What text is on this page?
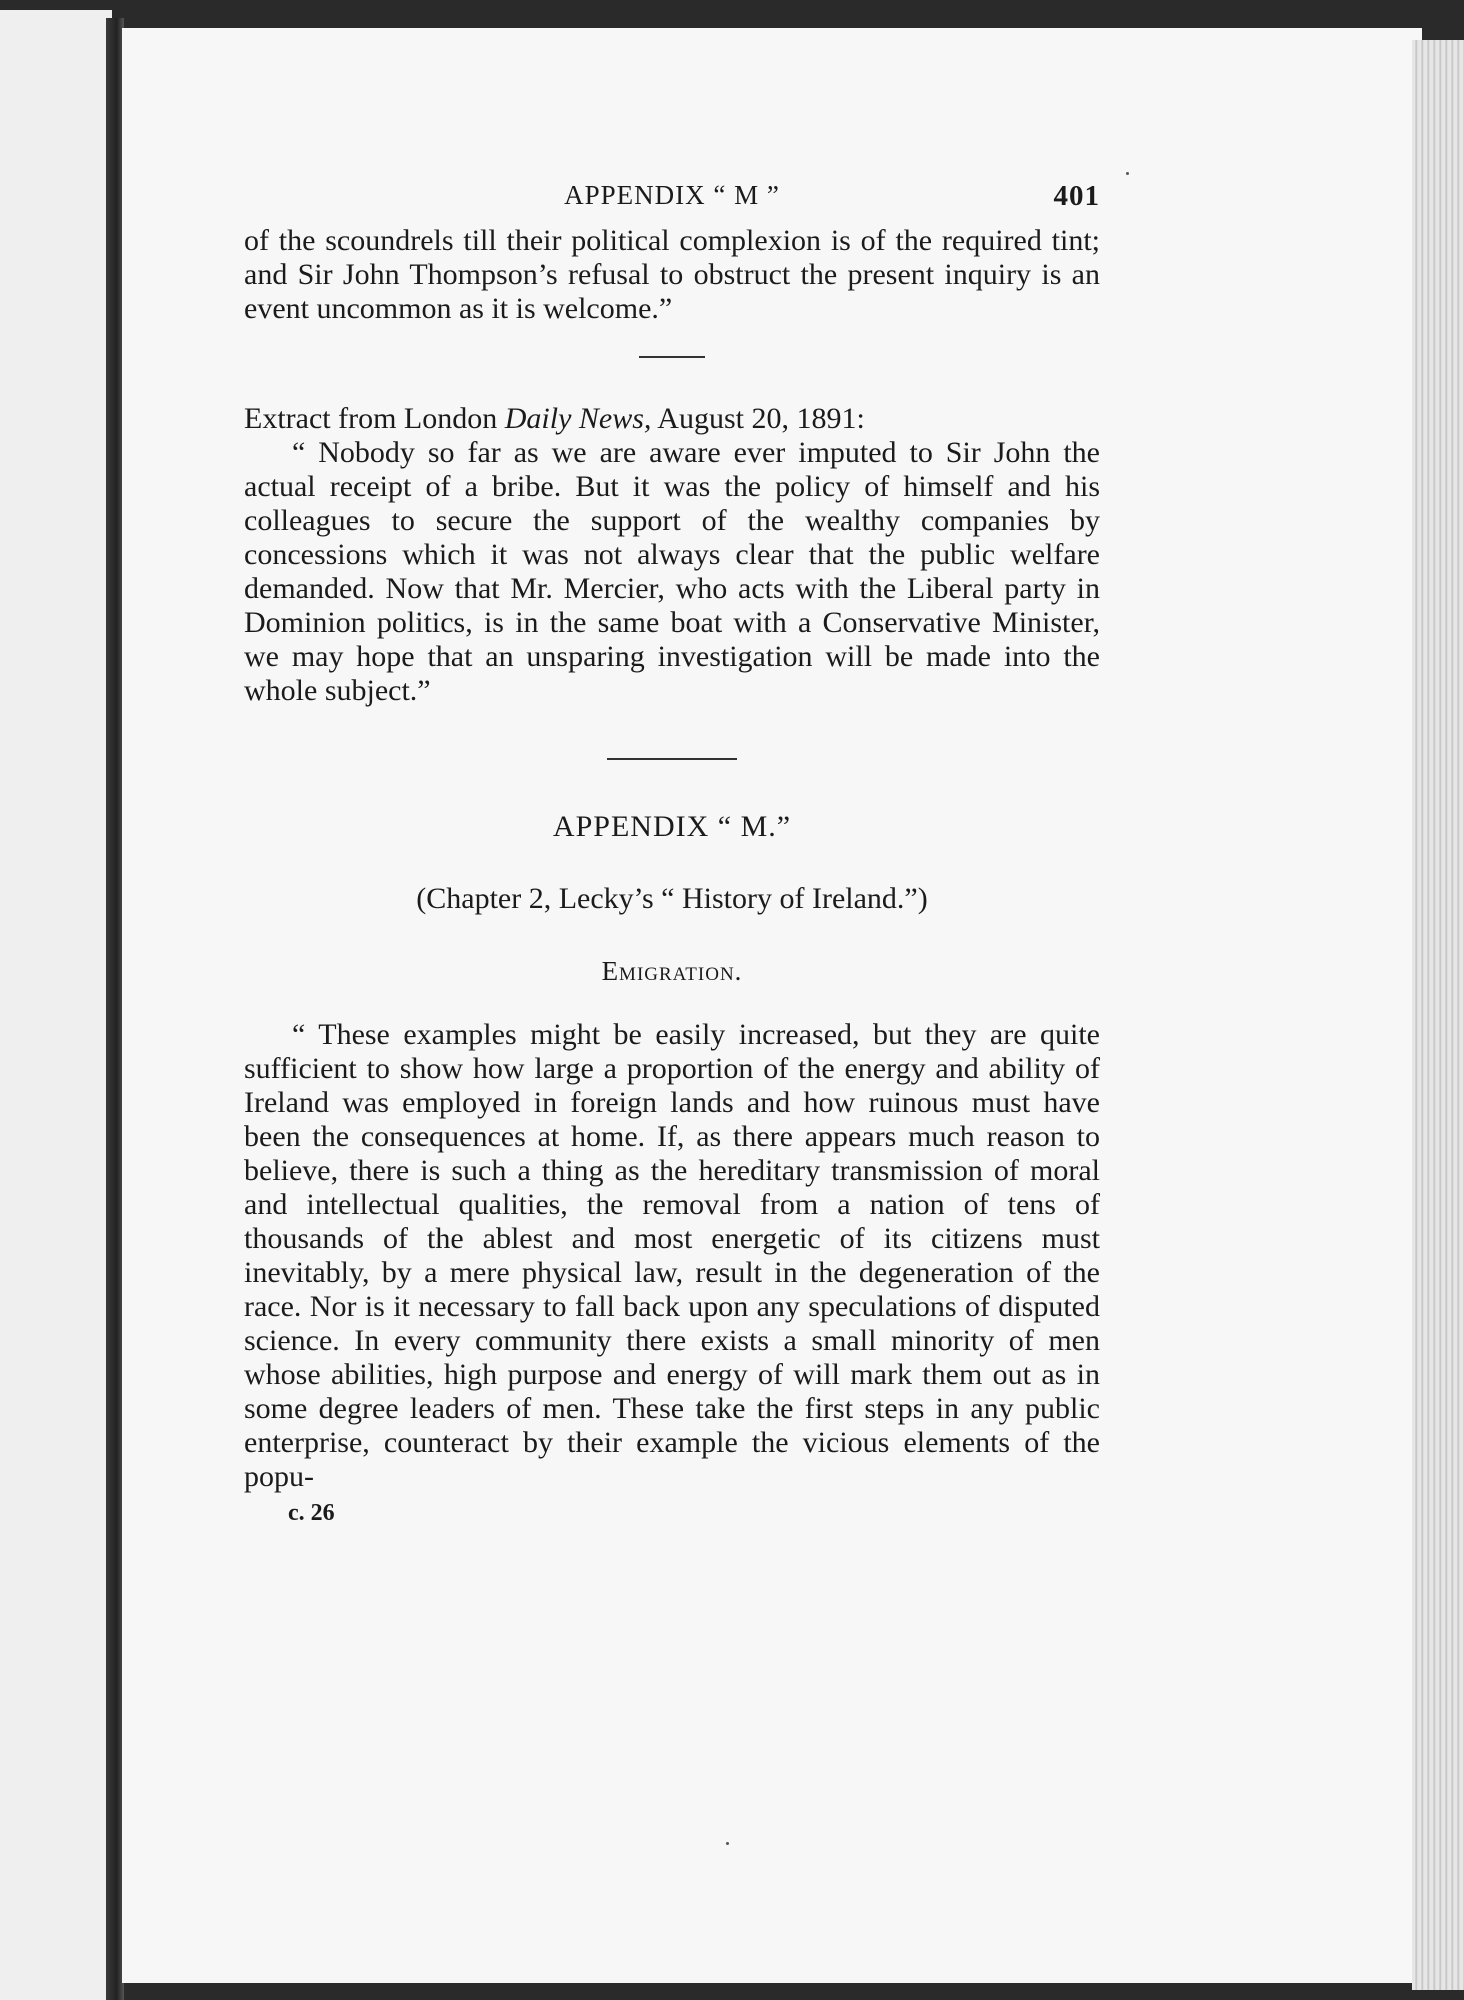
APPENDIX “ M ”	401

of the scoundrels till their political complexion is of the required tint; and Sir John Thompson’s refusal to obstruct the present inquiry is an event uncommon as it is welcome.”

Extract from London Daily News, August 20, 1891:

“ Nobody so far as we are aware ever imputed to Sir John the actual receipt of a bribe. But it was the policy of himself and his colleagues to secure the support of the wealthy companies by concessions which it was not always clear that the public welfare demanded. Now that Mr. Mercier, who acts with the Liberal party in Dominion politics, is in the same boat with a Conservative Minister, we may hope that an unsparing investigation will be made into the whole subject.”

APPENDIX “ M.”
(Chapter 2, Lecky’s “ History of Ireland.”)
Emigration.

“ These examples might be easily increased, but they are quite sufficient to show how large a proportion of the energy and ability of Ireland was employed in foreign lands and how ruinous must have been the consequences at home. If, as there appears much reason to believe, there is such a thing as the hereditary transmission of moral and intellectual qualities, the removal from a nation of tens of thousands of the ablest and most energetic of its citizens must inevitably, by a mere physical law, result in the degeneration of the race. Nor is it necessary to fall back upon any speculations of disputed science. In every community there exists a small minority of men whose abilities, high purpose and energy of will mark them out as in some degree leaders of men. These take the first steps in any public enterprise, counteract by their example the vicious elements of the popu-

c. 26
